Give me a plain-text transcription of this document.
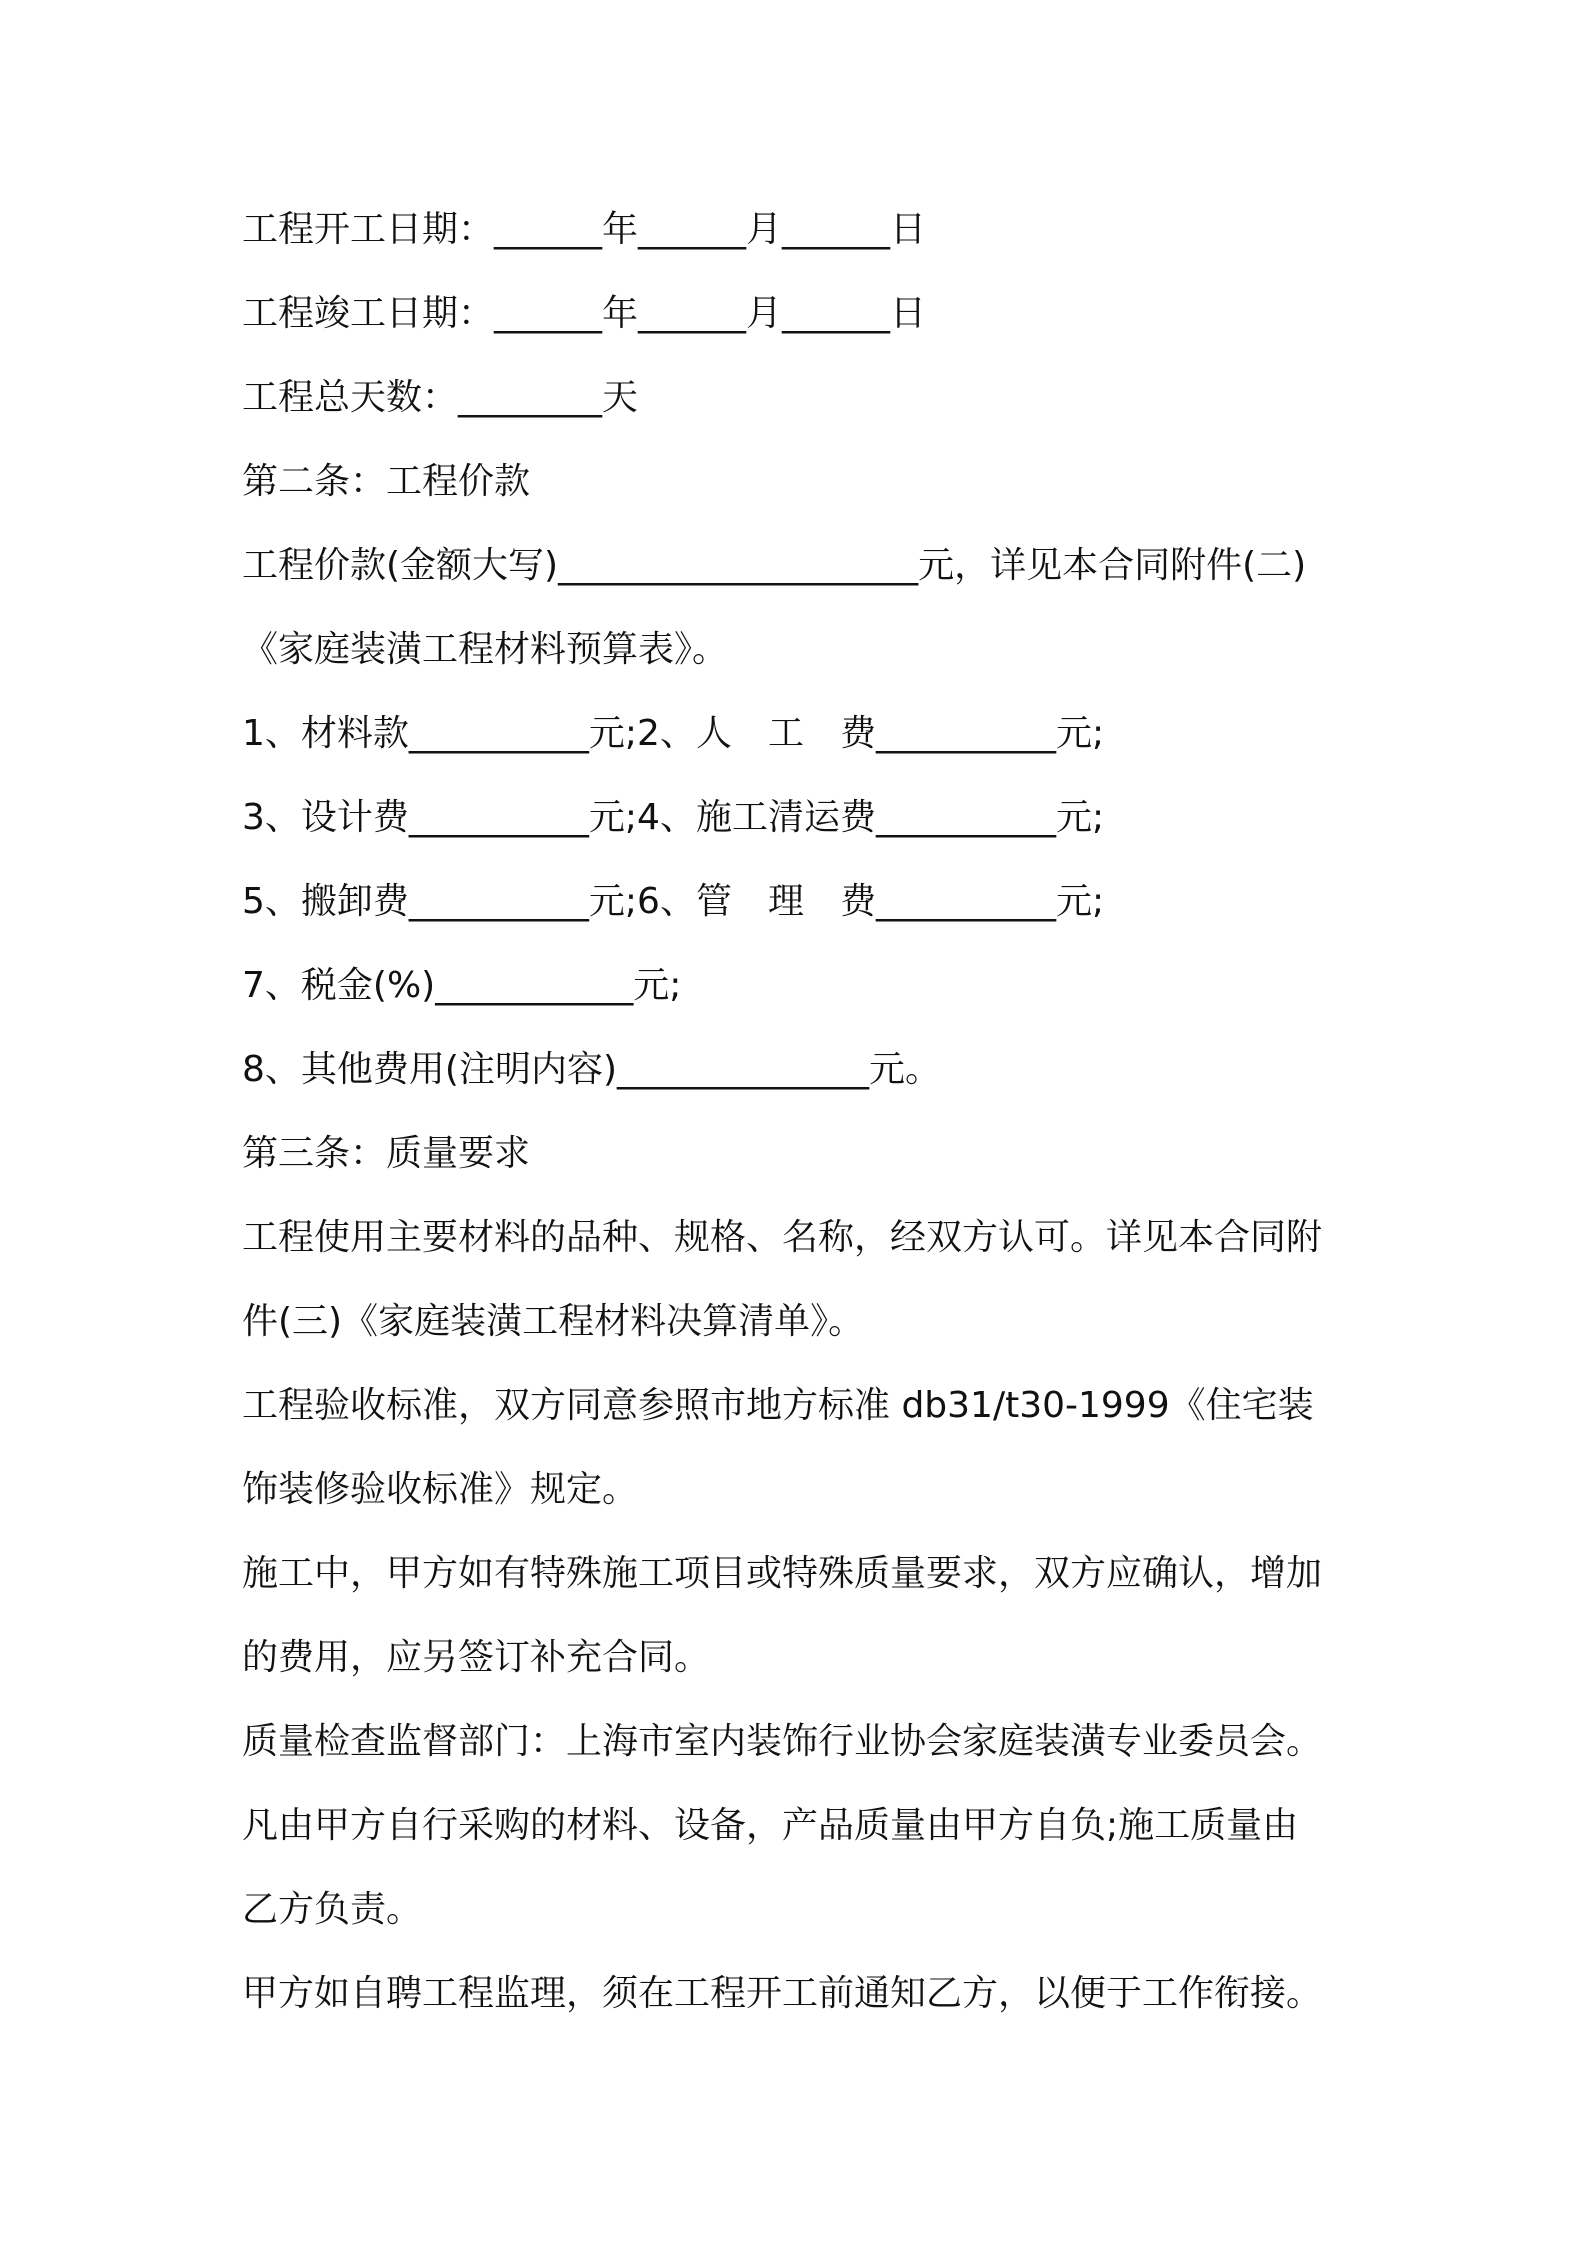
工程开工日期：______年______月______日
工程竣工日期：______年______月______日
工程总天数：________天
第二条：工程价款
工程价款(金额大写)____________________元，详见本合同附件(二)
《家庭装潢工程材料预算表》。
1、材料款__________元;2、人　工　费__________元;
3、设计费__________元;4、施工清运费__________元;
5、搬卸费__________元;6、管　理　费__________元;
7、税金(%)___________元;
8、其他费用(注明内容)______________元。
第三条：质量要求
工程使用主要材料的品种、规格、名称，经双方认可。详见本合同附
件(三)《家庭装潢工程材料决算清单》。
工程验收标准，双方同意参照市地方标准 db31/t30-1999《住宅装
饰装修验收标准》规定。
施工中，甲方如有特殊施工项目或特殊质量要求，双方应确认，增加
的费用，应另签订补充合同。
质量检查监督部门：上海市室内装饰行业协会家庭装潢专业委员会。
凡由甲方自行采购的材料、设备，产品质量由甲方自负;施工质量由
乙方负责。
甲方如自聘工程监理，须在工程开工前通知乙方，以便于工作衔接。
